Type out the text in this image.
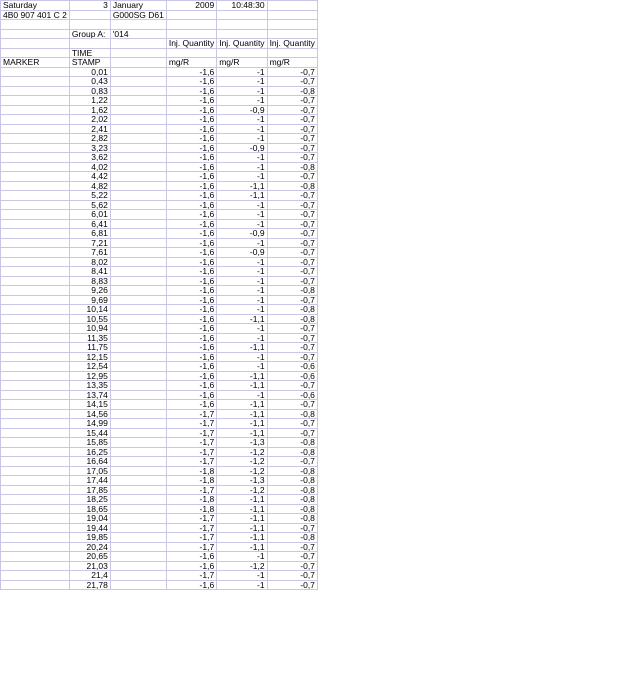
Saturday	3	January	2009	10:48:30	
4B0 907 401 C 2		G000SG D61			

	Group A:	'014			
			Inj. Quantity	Inj. Quantity	Inj. Quantity
	TIME				
MARKER	STAMP		mg/R	mg/R	mg/R
	0,01		-1,6	-1	-0,7
	0,43		-1,6	-1	-0,7
	0,83		-1,6	-1	-0,8
	1,22		-1,6	-1	-0,7
	1,62		-1,6	-0,9	-0,7
	2,02		-1,6	-1	-0,7
	2,41		-1,6	-1	-0,7
	2,82		-1,6	-1	-0,7
	3,23		-1,6	-0,9	-0,7
	3,62		-1,6	-1	-0,7
	4,02		-1,6	-1	-0,8
	4,42		-1,6	-1	-0,7
	4,82		-1,6	-1,1	-0,8
	5,22		-1,6	-1,1	-0,7
	5,62		-1,6	-1	-0,7
	6,01		-1,6	-1	-0,7
	6,41		-1,6	-1	-0,7
	6,81		-1,6	-0,9	-0,7
	7,21		-1,6	-1	-0,7
	7,61		-1,6	-0,9	-0,7
	8,02		-1,6	-1	-0,7
	8,41		-1,6	-1	-0,7
	8,83		-1,6	-1	-0,7
	9,26		-1,6	-1	-0,8
	9,69		-1,6	-1	-0,7
	10,14		-1,6	-1	-0,8
	10,55		-1,6	-1,1	-0,8
	10,94		-1,6	-1	-0,7
	11,35		-1,6	-1	-0,7
	11,75		-1,6	-1,1	-0,7
	12,15		-1,6	-1	-0,7
	12,54		-1,6	-1	-0,6
	12,95		-1,6	-1,1	-0,6
	13,35		-1,6	-1,1	-0,7
	13,74		-1,6	-1	-0,6
	14,15		-1,6	-1,1	-0,7
	14,56		-1,7	-1,1	-0,8
	14,99		-1,7	-1,1	-0,7
	15,44		-1,7	-1,1	-0,7
	15,85		-1,7	-1,3	-0,8
	16,25		-1,7	-1,2	-0,8
	16,64		-1,7	-1,2	-0,7
	17,05		-1,8	-1,2	-0,8
	17,44		-1,8	-1,3	-0,8
	17,85		-1,7	-1,2	-0,8
	18,25		-1,8	-1,1	-0,8
	18,65		-1,8	-1,1	-0,8
	19,04		-1,7	-1,1	-0,8
	19,44		-1,7	-1,1	-0,7
	19,85		-1,7	-1,1	-0,8
	20,24		-1,7	-1,1	-0,7
	20,65		-1,6	-1	-0,7
	21,03		-1,6	-1,2	-0,7
	21,4		-1,7	-1	-0,7
	21,78		-1,6	-1	-0,7
